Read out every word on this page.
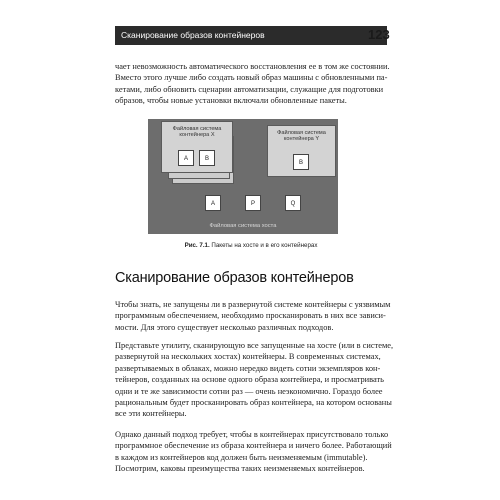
Сканирование образов контейнеров	123

чает невозможность автоматического восстановления ее в том же состоянии.
Вместо этого лучше либо создать новый образ машины с обновленными па-
кетами, либо обновить сценарии автоматизации, служащие для подготовки
образов, чтобы новые установки включали обновленные пакеты.

Файловая система контейнера X
A	B
Файловая система контейнера Y
B
A	P	Q
Файловая система хоста
Рис. 7.1. Пакеты на хосте и в его контейнерах
Сканирование образов контейнеров

Чтобы знать, не запущены ли в развернутой системе контейнеры с уязвимым
программным обеспечением, необходимо просканировать в них все зависи-
мости. Для этого существует несколько различных подходов.

Представьте утилиту, сканирующую все запущенные на хосте (или в системе,
развернутой на нескольких хостах) контейнеры. В современных системах,
развертываемых в облаках, можно нередко видеть сотни экземпляров кон-
тейнеров, созданных на основе одного образа контейнера, и просматривать
одни и те же зависимости сотни раз — очень неэкономично. Гораздо более
рациональным будет просканировать образ контейнера, на котором основаны
все эти контейнеры.

Однако данный подход требует, чтобы в контейнерах присутствовало только
программное обеспечение из образа контейнера и ничего более. Работающий
в каждом из контейнеров код должен быть неизменяемым (immutable).
Посмотрим, каковы преимущества таких неизменяемых контейнеров.
